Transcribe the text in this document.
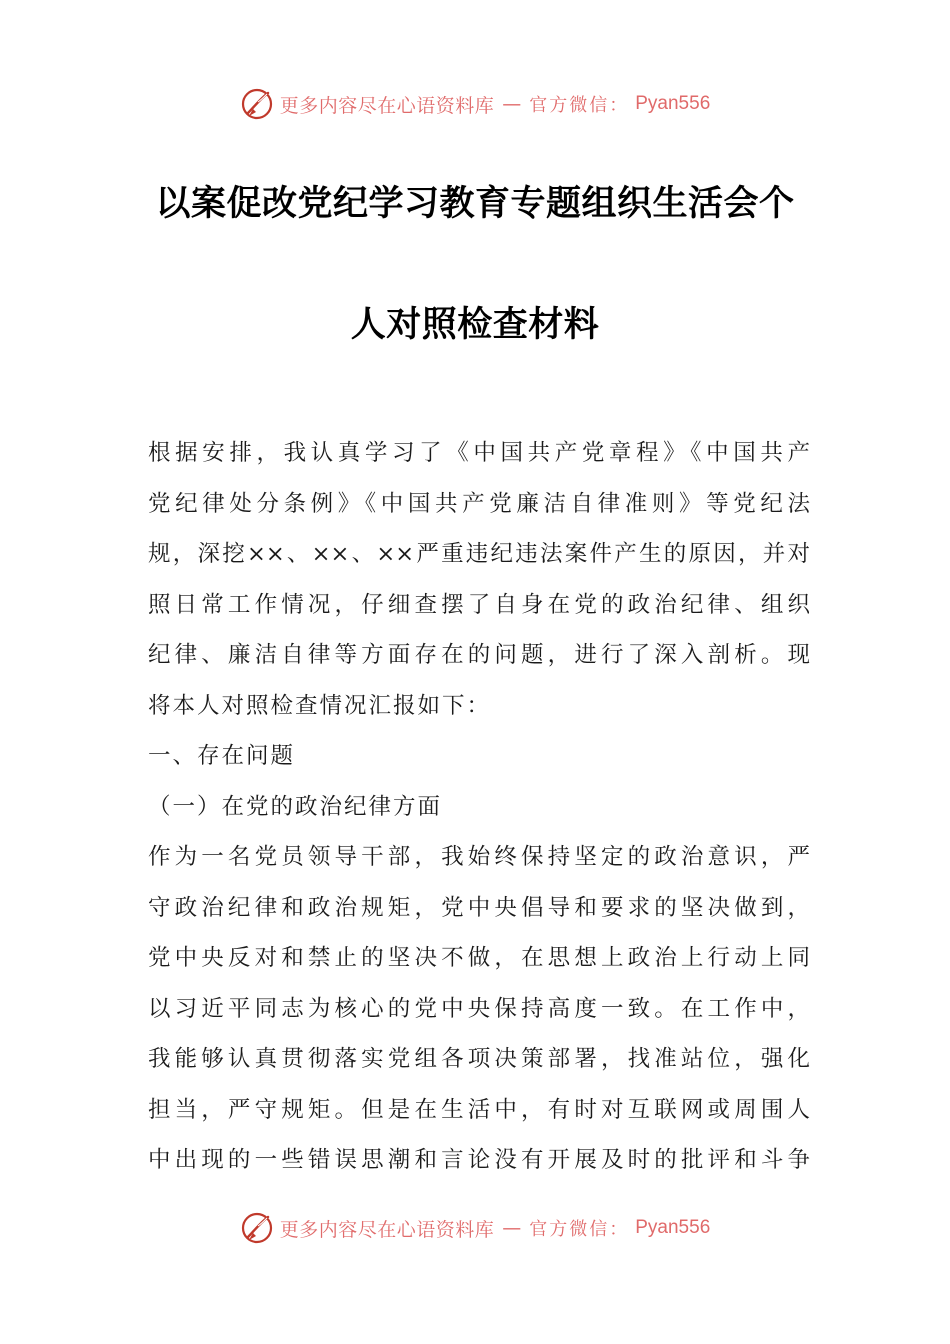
更多内容尽在心语资料库 — 官方微信： Pyan556
以案促改党纪学习教育专题组织生活会个
人对照检查材料
根据安排，我认真学习了《中国共产党章程》《中国共产
党纪律处分条例》《中国共产党廉洁自律准则》等党纪法
规，深挖××、××、××严重违纪违法案件产生的原因，并对
照日常工作情况，仔细查摆了自身在党的政治纪律、组织
纪律、廉洁自律等方面存在的问题，进行了深入剖析。现
将本人对照检查情况汇报如下：
一、存在问题
（一）在党的政治纪律方面
作为一名党员领导干部，我始终保持坚定的政治意识，严
守政治纪律和政治规矩，党中央倡导和要求的坚决做到，
党中央反对和禁止的坚决不做，在思想上政治上行动上同
以习近平同志为核心的党中央保持高度一致。在工作中，
我能够认真贯彻落实党组各项决策部署，找准站位，强化
担当，严守规矩。但是在生活中，有时对互联网或周围人
中出现的一些错误思潮和言论没有开展及时的批评和斗争
更多内容尽在心语资料库 — 官方微信： Pyan556
